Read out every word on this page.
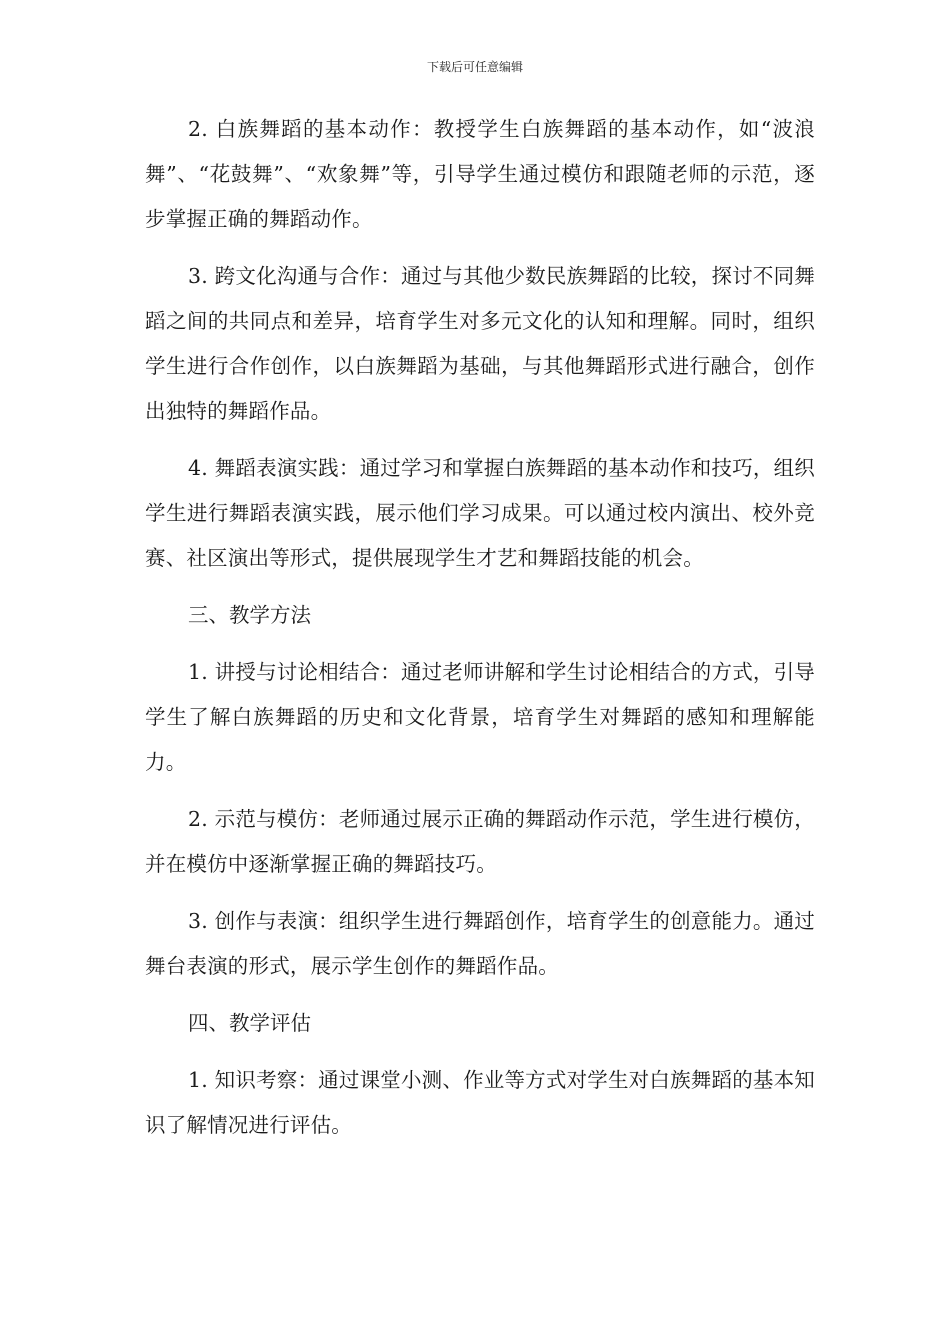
下载后可任意编辑

2. 白族舞蹈的基本动作：教授学生白族舞蹈的基本动作，如“波浪舞”、“花鼓舞”、“欢象舞”等，引导学生通过模仿和跟随老师的示范，逐步掌握正确的舞蹈动作。

3. 跨文化沟通与合作：通过与其他少数民族舞蹈的比较，探讨不同舞蹈之间的共同点和差异，培育学生对多元文化的认知和理解。同时，组织学生进行合作创作，以白族舞蹈为基础，与其他舞蹈形式进行融合，创作出独特的舞蹈作品。

4. 舞蹈表演实践：通过学习和掌握白族舞蹈的基本动作和技巧，组织学生进行舞蹈表演实践，展示他们学习成果。可以通过校内演出、校外竞赛、社区演出等形式，提供展现学生才艺和舞蹈技能的机会。

三、教学方法

1. 讲授与讨论相结合：通过老师讲解和学生讨论相结合的方式，引导学生了解白族舞蹈的历史和文化背景，培育学生对舞蹈的感知和理解能力。

2. 示范与模仿：老师通过展示正确的舞蹈动作示范，学生进行模仿，并在模仿中逐渐掌握正确的舞蹈技巧。

3. 创作与表演：组织学生进行舞蹈创作，培育学生的创意能力。通过舞台表演的形式，展示学生创作的舞蹈作品。

四、教学评估

1. 知识考察：通过课堂小测、作业等方式对学生对白族舞蹈的基本知识了解情况进行评估。
